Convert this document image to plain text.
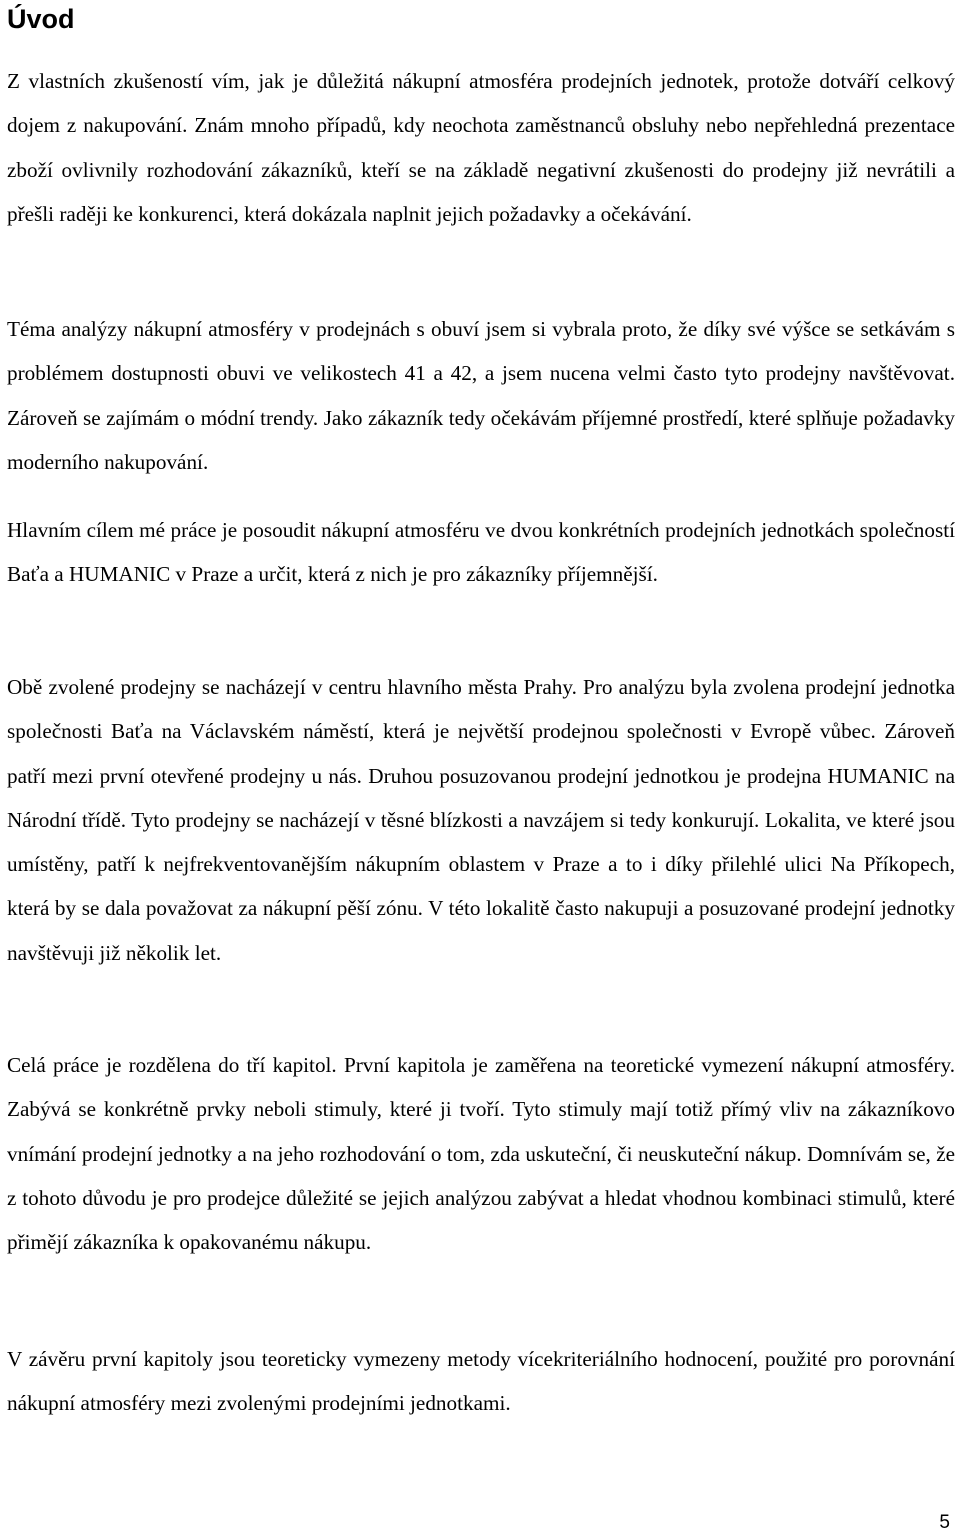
Úvod

Z vlastních zkušeností vím, jak je důležitá nákupní atmosféra prodejních jednotek, protože dotváří celkový dojem z nakupování. Znám mnoho případů, kdy neochota zaměstnanců obsluhy nebo nepřehledná prezentace zboží ovlivnily rozhodování zákazníků, kteří se na základě negativní zkušenosti do prodejny již nevrátili a přešli raději ke konkurenci, která dokázala naplnit jejich požadavky a očekávání.

Téma analýzy nákupní atmosféry v prodejnách s obuví jsem si vybrala proto, že díky své výšce se setkávám s problémem dostupnosti obuvi ve velikostech 41 a 42, a jsem nucena velmi často tyto prodejny navštěvovat. Zároveň se zajímám o módní trendy. Jako zákazník tedy očekávám příjemné prostředí, které splňuje požadavky moderního nakupování.

Hlavním cílem mé práce je posoudit nákupní atmosféru ve dvou konkrétních prodejních jednotkách společností Baťa a HUMANIC v Praze a určit, která z nich je pro zákazníky příjemnější.

Obě zvolené prodejny se nacházejí v centru hlavního města Prahy. Pro analýzu byla zvolena prodejní jednotka společnosti Baťa na Václavském náměstí, která je největší prodejnou společnosti v Evropě vůbec. Zároveň patří mezi první otevřené prodejny u nás. Druhou posuzovanou prodejní jednotkou je prodejna HUMANIC na Národní třídě. Tyto prodejny se nacházejí v těsné blízkosti a navzájem si tedy konkurují. Lokalita, ve které jsou umístěny, patří k nejfrekventovanějším nákupním oblastem v Praze a to i díky přilehlé ulici Na Příkopech, která by se dala považovat za nákupní pěší zónu. V této lokalitě často nakupuji a posuzované prodejní jednotky navštěvuji již několik let.

Celá práce je rozdělena do tří kapitol. První kapitola je zaměřena na teoretické vymezení nákupní atmosféry. Zabývá se konkrétně prvky neboli stimuly, které ji tvoří. Tyto stimuly mají totiž přímý vliv na zákazníkovo vnímání prodejní jednotky a na jeho rozhodování o tom, zda uskuteční, či neuskuteční nákup. Domnívám se, že z tohoto důvodu je pro prodejce důležité se jejich analýzou zabývat a hledat vhodnou kombinaci stimulů, které přimějí zákazníka k opakovanému nákupu.

V závěru první kapitoly jsou teoreticky vymezeny metody vícekriteriálního hodnocení, použité pro porovnání nákupní atmosféry mezi zvolenými prodejními jednotkami.

5
